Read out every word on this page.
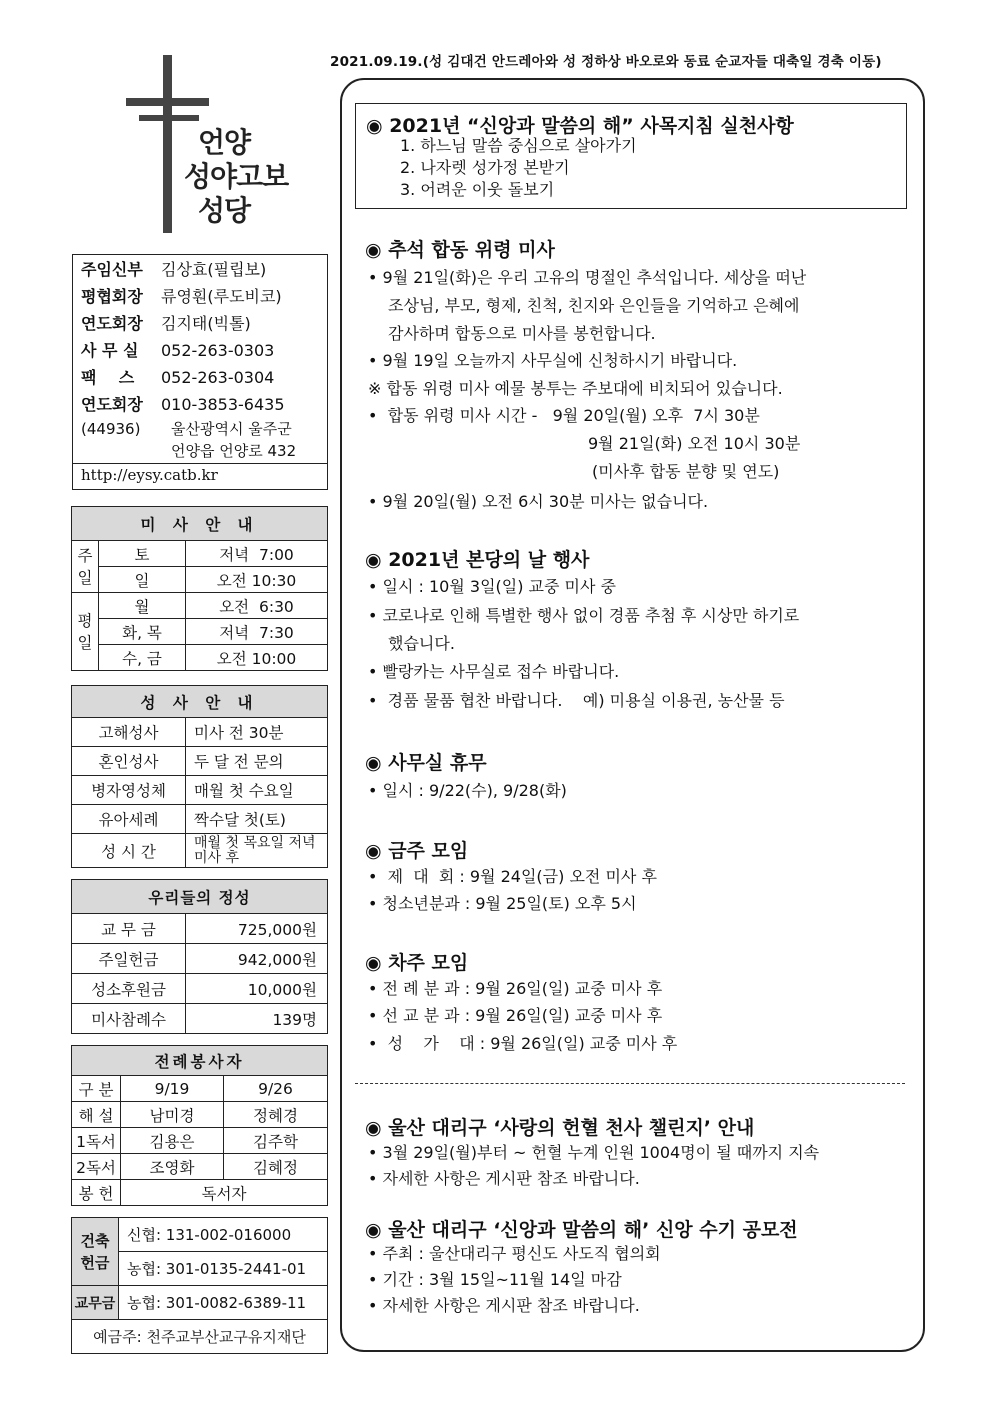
2021.09.19.(성 김대건 안드레아와 성 정하상 바오로와 동료 순교자들 대축일 경축 이동)
언양
성야고보
성당
주임신부 김상효(필립보)
평협회장 류영훤(루도비코)
연도회장 김지태(빅톨)
사 무 실 052-263-0303
팩    스 052-263-0304
연도회장 010-3853-6435
(44936) 울산광역시 울주군
언양읍 언양로 432
http://eysy.catb.kr
미 사 안 내		
주일	토	저녁  7:00
	일	오전 10:30
평일	월	오전  6:30
	화, 목	저녁  7:30
	수, 금	오전 10:00
성 사 안 내	
고해성사	미사 전 30분
혼인성사	두 달 전 문의
병자영성체	매월 첫 수요일
유아세례	짝수달 첫(토)
성 시 간	매월 첫 목요일 저녁미사 후
우리들의 정성	
교 무 금	725,000원
주일헌금	942,000원
성소후원금	10,000원
미사참례수	139명
전례봉사자		
구 분	9/19	9/26
해 설	남미경	정혜경
1독서	김용은	김주학
2독서	조영화	김혜정
봉 헌	독서자	
건축헌금	신협: 131-002-016000
	농협: 301-0135-2441-01
교무금	농협: 301-0082-6389-11
예금주: 천주교부산교구유지재단	
◉ 2021년 “신앙과 말씀의 해” 사목지침 실천사항
1. 하느님 말씀 중심으로 살아가기
2. 나자렛 성가정 본받기
3. 어려운 이웃 돌보기
◉ 추석 합동 위령 미사
• 9월 21일(화)은 우리 고유의 명절인 추석입니다. 세상을 떠난
조상님, 부모, 형제, 친척, 친지와 은인들을 기억하고 은혜에
감사하며 합동으로 미사를 봉헌합니다.
• 9월 19일 오늘까지 사무실에 신청하시기 바랍니다.
※ 합동 위령 미사 예물 봉투는 주보대에 비치되어 있습니다.
•  합동 위령 미사 시간 -   9월 20일(월) 오후  7시 30분
9월 21일(화) 오전 10시 30분
(미사후 합동 분향 및 연도)
• 9월 20일(월) 오전 6시 30분 미사는 없습니다.
◉ 2021년 본당의 날 행사
• 일시 : 10월 3일(일) 교중 미사 중
• 코로나로 인해 특별한 행사 없이 경품 추첨 후 시상만 하기로
했습니다.
• 빨랑카는 사무실로 접수 바랍니다.
•  경품 물품 협찬 바랍니다.    예) 미용실 이용권, 농산물 등
◉ 사무실 휴무
• 일시 : 9/22(수), 9/28(화)
◉ 금주 모임
•  제  대  회 : 9월 24일(금) 오전 미사 후
• 청소년분과 : 9월 25일(토) 오후 5시
◉ 차주 모임
• 전 례 분 과 : 9월 26일(일) 교중 미사 후
• 선 교 분 과 : 9월 26일(일) 교중 미사 후
•  성    가    대 : 9월 26일(일) 교중 미사 후
◉ 울산 대리구 ‘사랑의 헌혈 천사 챌린지’ 안내
• 3월 29일(월)부터 ~ 헌혈 누계 인원 1004명이 될 때까지 지속
• 자세한 사항은 게시판 참조 바랍니다.
◉ 울산 대리구 ‘신앙과 말씀의 해’ 신앙 수기 공모전
• 주최 : 울산대리구 평신도 사도직 협의회
• 기간 : 3월 15일~11월 14일 마감
• 자세한 사항은 게시판 참조 바랍니다.
